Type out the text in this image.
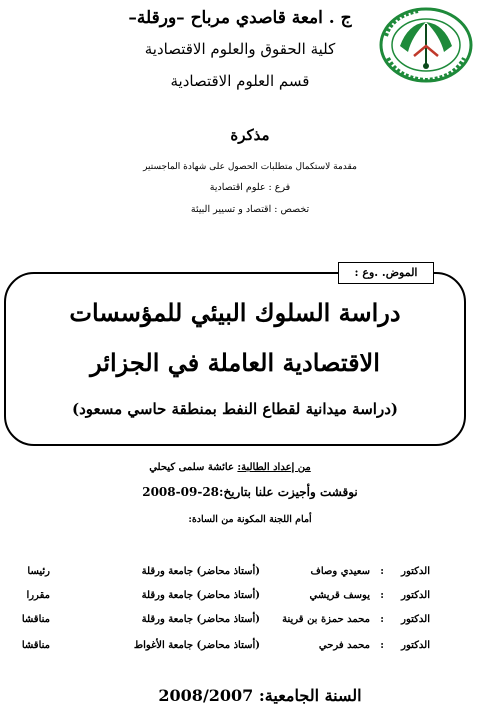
ج . امعة قاصدي مرباح –ورقلة–
كلية الحقوق والعلوم الاقتصادية
قسم العلوم الاقتصادية
مذكرة
مقدمة لاستكمال متطلبات الحصول على شهادة الماجستير
فرع : علوم اقتصادية
تخصص : اقتصاد و تسيير البيئة
الموض. .وع :
دراسة السلوك البيئي للمؤسسات
الاقتصادية العاملة في الجزائر
(دراسة ميدانية لقطاع النفط بمنطقة حاسي مسعود)
من إعداد الطالبة: عائشة سلمى كيحلي
نوقشت وأجيزت علنا بتاريخ:28-09-2008
أمام اللجنة المكونة من السادة:
الدكتور
:
سعيدي وصاف
(أستاذ محاضر) جامعة ورقلة
رئيسا
الدكتور
:
يوسف قريشي
(أستاذ محاضر) جامعة ورقلة
مقررا
الدكتور
:
محمد حمزة بن قرينة
(أستاذ محاضر) جامعة ورقلة
مناقشا
الدكتور
:
محمد فرحي
(أستاذ محاضر) جامعة الأغواط
مناقشا
السنة الجامعية: 2008/2007
